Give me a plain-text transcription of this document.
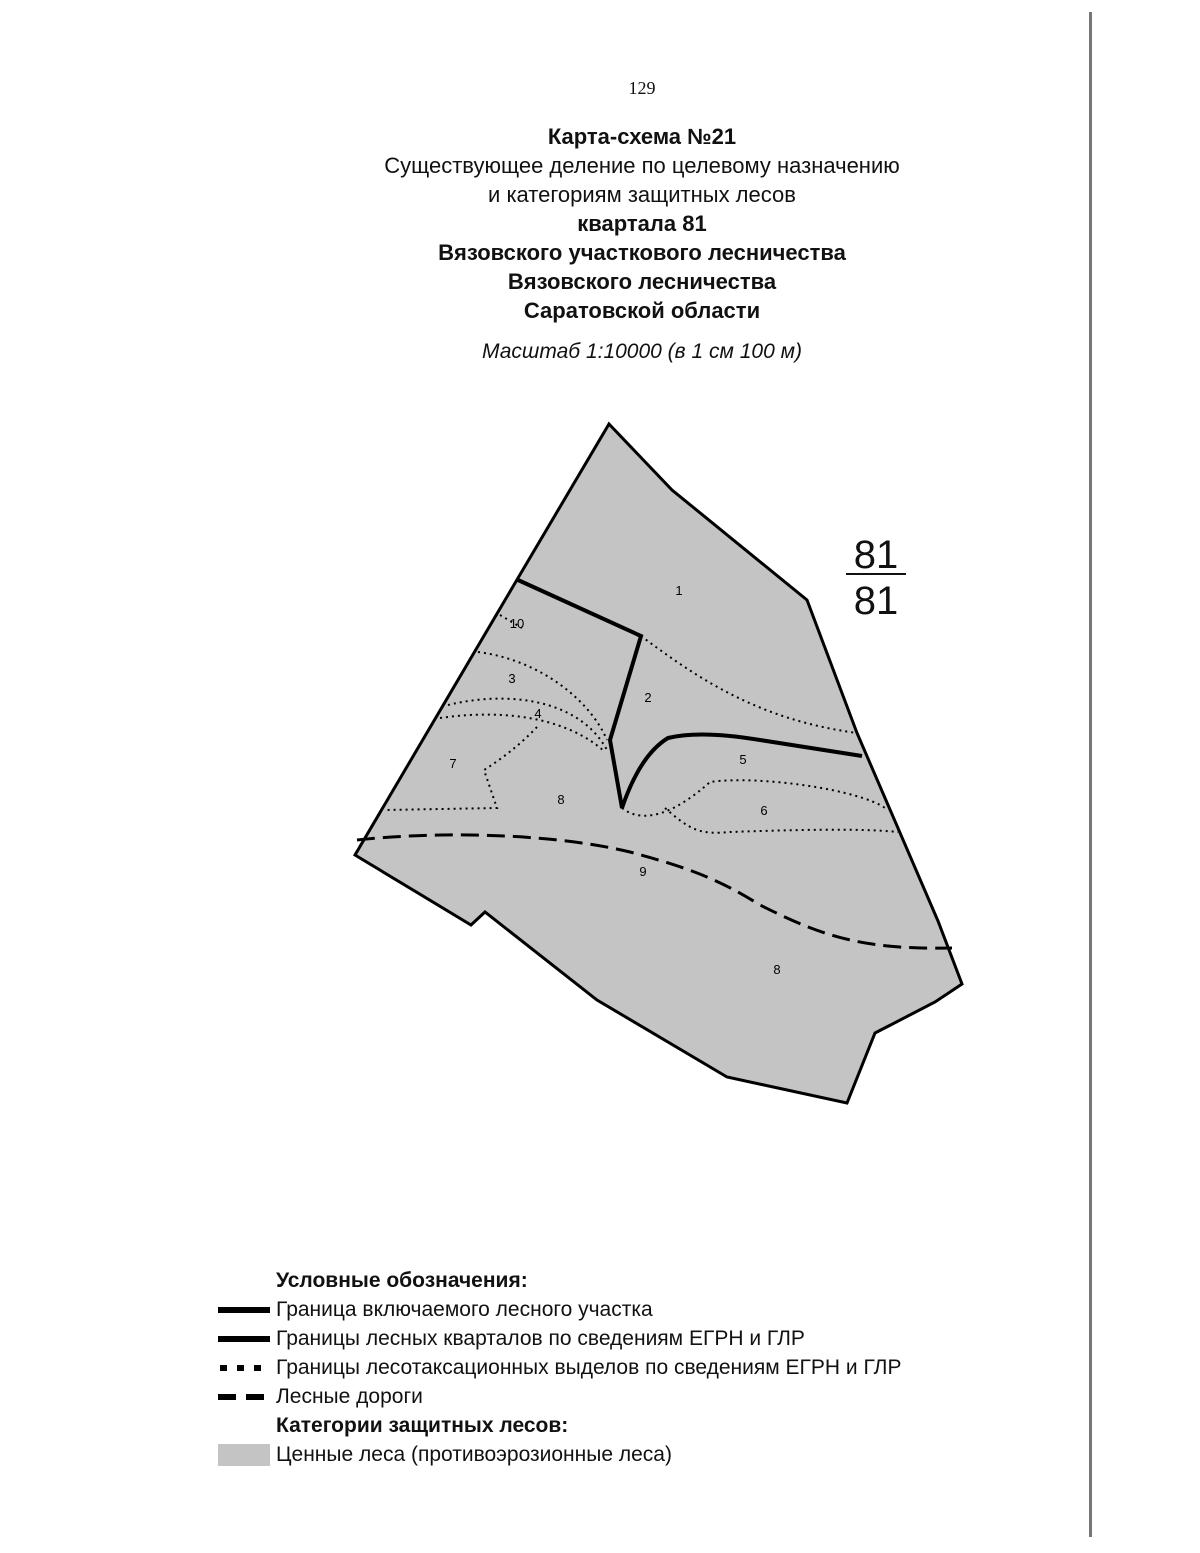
129
Карта-схема №21
Существующее деление по целевому назначению
и категориям защитных лесов
квартала 81
Вязовского участкового лесничества
Вязовского лесничества
Саратовской области
Масштаб 1:10000 (в 1 см 100 м)
1
10
2
3
4
5
7
8
6
9
8
81
81
Условные обозначения:
Граница включаемого лесного участка
Границы лесных кварталов по сведениям ЕГРН и ГЛР
Границы лесотаксационных выделов по сведениям ЕГРН и ГЛР
Лесные дороги
Категории защитных лесов:
Ценные леса (противоэрозионные леса)
